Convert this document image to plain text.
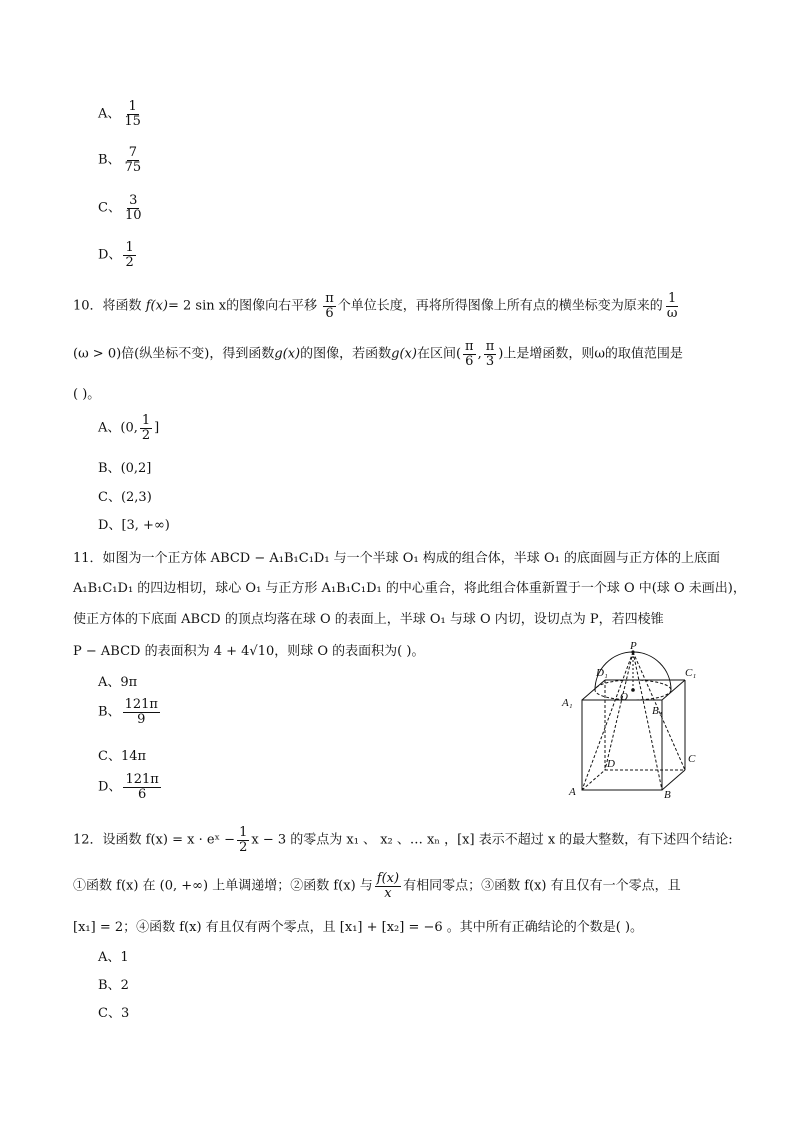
A、 $\frac{1}{15}$
B、 $\frac{7}{75}$
C、 $\frac{3}{10}$
D、 $\frac{1}{2}$
10．将函数 f(x)= 2 sin x的图像向右平移 $\frac{\pi}{6}$ 个单位长度，再将所得图像上所有点的横坐标变为原来的 $\frac{1}{\omega}$
(ω > 0)倍(纵坐标不变)，得到函数g(x)的图像，若函数g(x)在区间( $\frac{\pi}{6}$ , $\frac{\pi}{3}$ )上是增函数，则ω的取值范围是
( )。
A、(0, $\frac{1}{2}$ ]
B、(0,2]
C、(2,3)
D、[3, +∞)
11．如图为一个正方体 ABCD − A₁B₁C₁D₁ 与一个半球 O₁ 构成的组合体，半球 O₁ 的底面圆与正方体的上底面
A₁B₁C₁D₁ 的四边相切，球心 O₁ 与正方形 A₁B₁C₁D₁ 的中心重合，将此组合体重新置于一个球 O 中(球 O 未画出)，
使正方体的下底面 ABCD 的顶点均落在球 O 的表面上，半球 O₁ 与球 O 内切，设切点为 P，若四棱锥
P − ABCD 的表面积为 4 + 4√10，则球 O 的表面积为( )。
A、9π
B、 $\frac{121\pi}{9}$
C、14π
D、 $\frac{121\pi}{6}$
P
C₁
D₁
A₁	O
B₁
D	C
A	B
12．设函数 f(x) = x · eˣ − $\frac{1}{2}$ x − 3 的零点为 x₁ 、 x₂ 、… xₙ ，[x] 表示不超过 x 的最大整数，有下述四个结论:
①函数 f(x) 在 (0, +∞) 上单调递增；②函数 f(x) 与 $\frac{f(x)}{x}$ 有相同零点；③函数 f(x) 有且仅有一个零点，且
[x₁] = 2；④函数 f(x) 有且仅有两个零点，且 [x₁] + [x₂] = −6 。其中所有正确结论的个数是( )。
A、1
B、2
C、3
